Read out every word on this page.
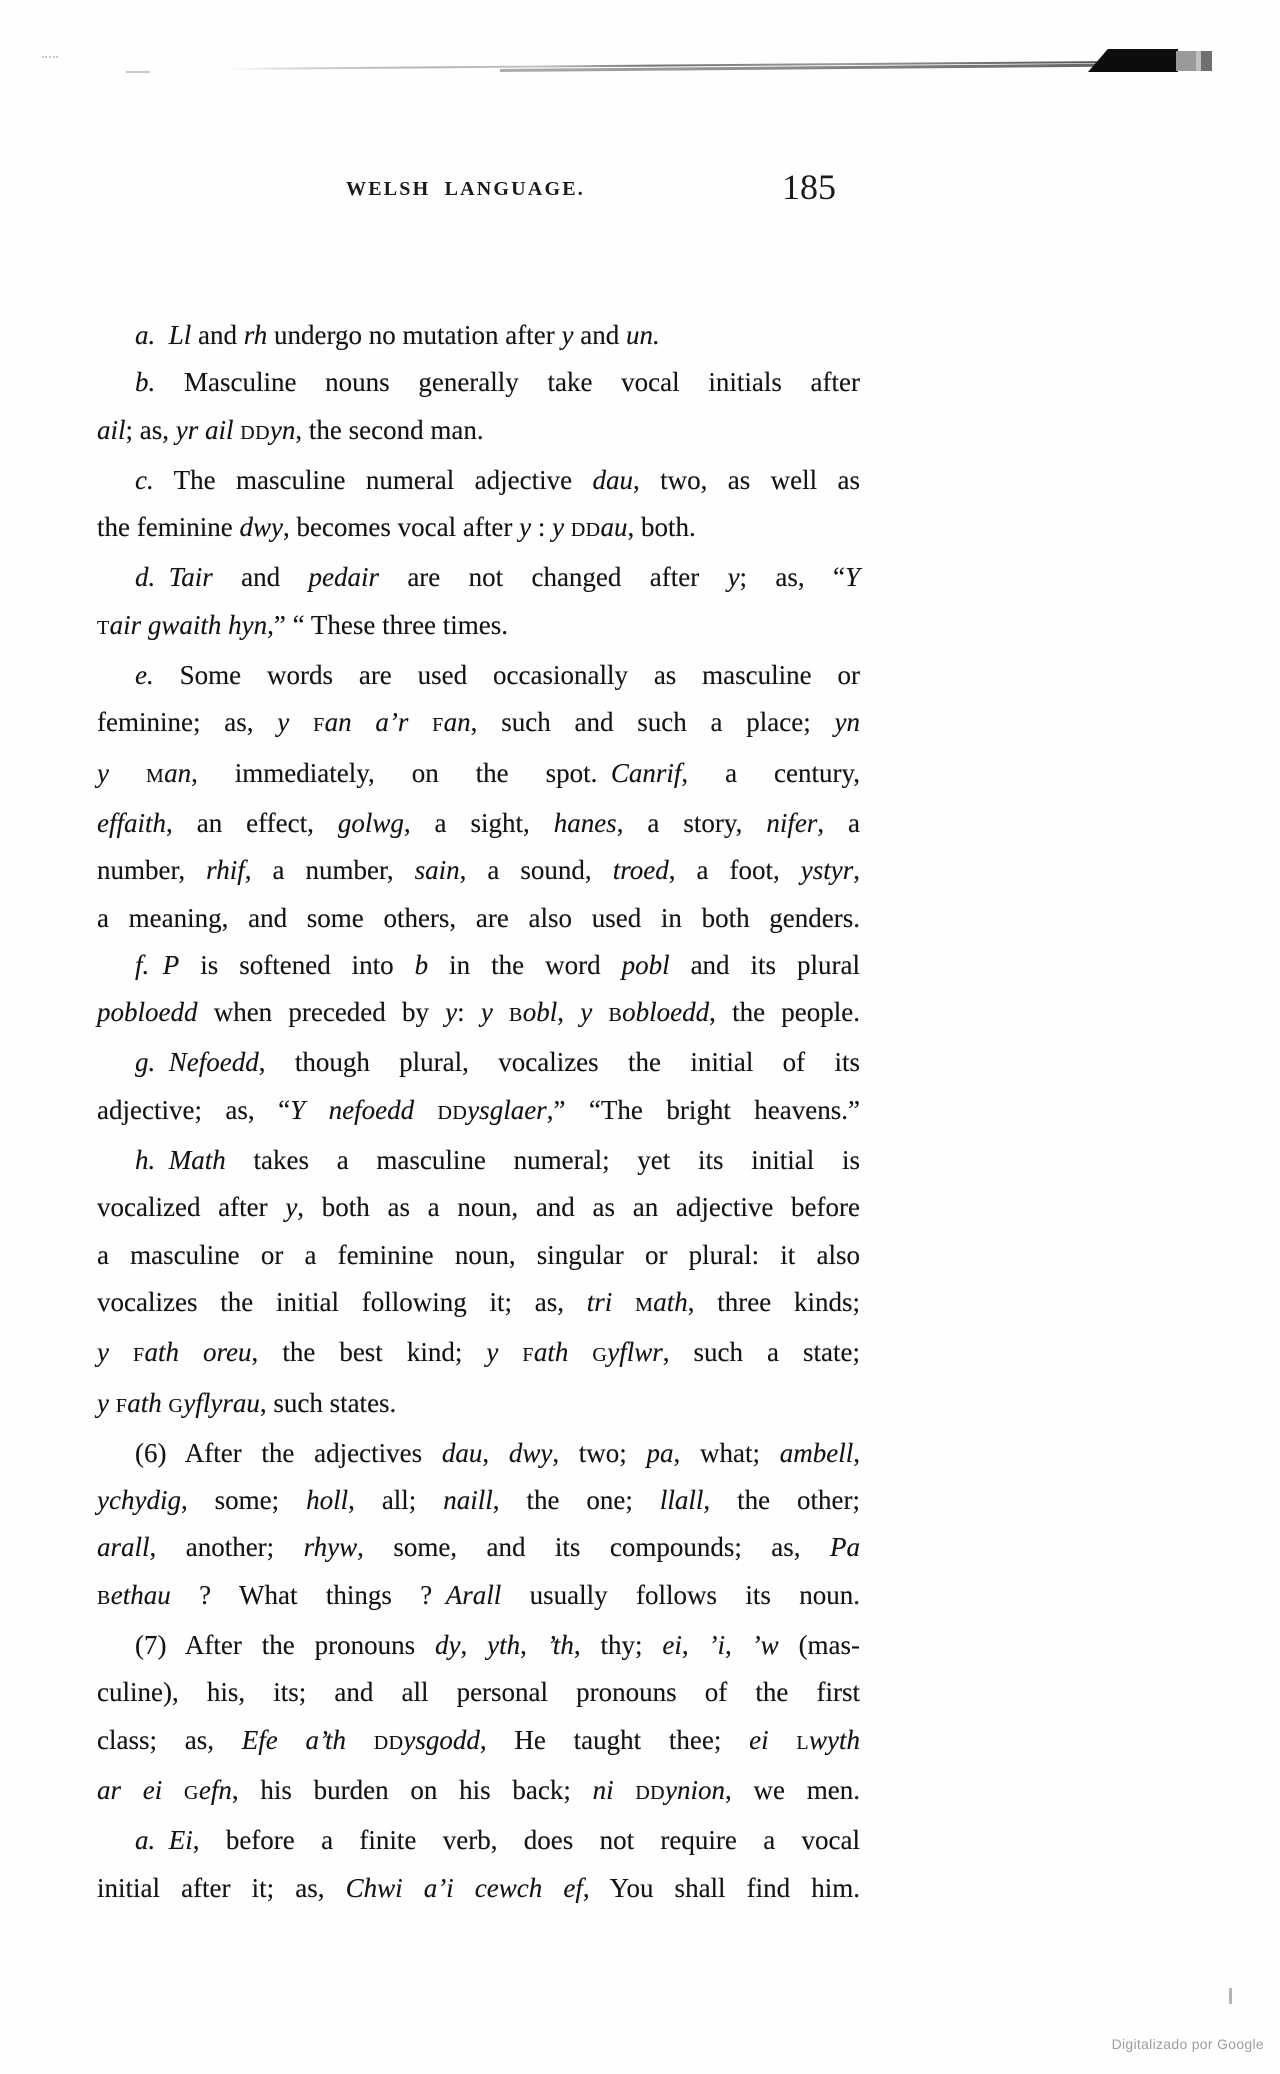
WELSH LANGUAGE.	185
a.  Ll and rh undergo no mutation after y and un.
b. Masculine nouns generally take vocal initials after
ail; as, yr ail DDyn, the second man.
c. The masculine numeral adjective dau, two, as well as
the feminine dwy, becomes vocal after y : y DDau, both.
d.  Tair and pedair are not changed after y; as, “Y
Tair gwaith hyn,” “ These three times.
e. Some words are used occasionally as masculine or
feminine; as, y Fan a’r Fan, such and such a place; yn
y Man, immediately, on the spot. Canrif, a century,
effaith, an effect, golwg, a sight, hanes, a story, nifer, a
number, rhif, a number, sain, a sound, troed, a foot, ystyr,
a meaning, and some others, are also used in both genders.
f.  P is softened into b in the word pobl and its plural
pobloedd when preceded by y: y Bobl, y Bobloedd, the people.
g.  Nefoedd, though plural, vocalizes the initial of its
adjective; as, “Y nefoedd DDysglaer,” “The bright heavens.”
h.  Math takes a masculine numeral; yet its initial is
vocalized after y, both as a noun, and as an adjective before
a masculine or a feminine noun, singular or plural: it also
vocalizes the initial following it; as, tri Math, three kinds;
y Fath oreu, the best kind; y Fath Gyflwr, such a state;
y Fath Gyflyrau, such states.
(6) After the adjectives dau, dwy, two; pa, what; ambell,
ychydig, some; holl, all; naill, the one; llall, the other;
arall, another; rhyw, some, and its compounds; as, Pa
Bethau ? What things ? Arall usually follows its noun.
(7) After the pronouns dy, yth, ’th, thy; ei, ’i, ’w (mas-
culine), his, its; and all personal pronouns of the first
class; as, Efe a’th DDysgodd, He taught thee; ei Lwyth
ar ei Gefn, his burden on his back; ni DDynion, we men.
a.  Ei, before a finite verb, does not require a vocal
initial after it; as, Chwi a’i cewch ef, You shall find him.
Digitalizado por Google
